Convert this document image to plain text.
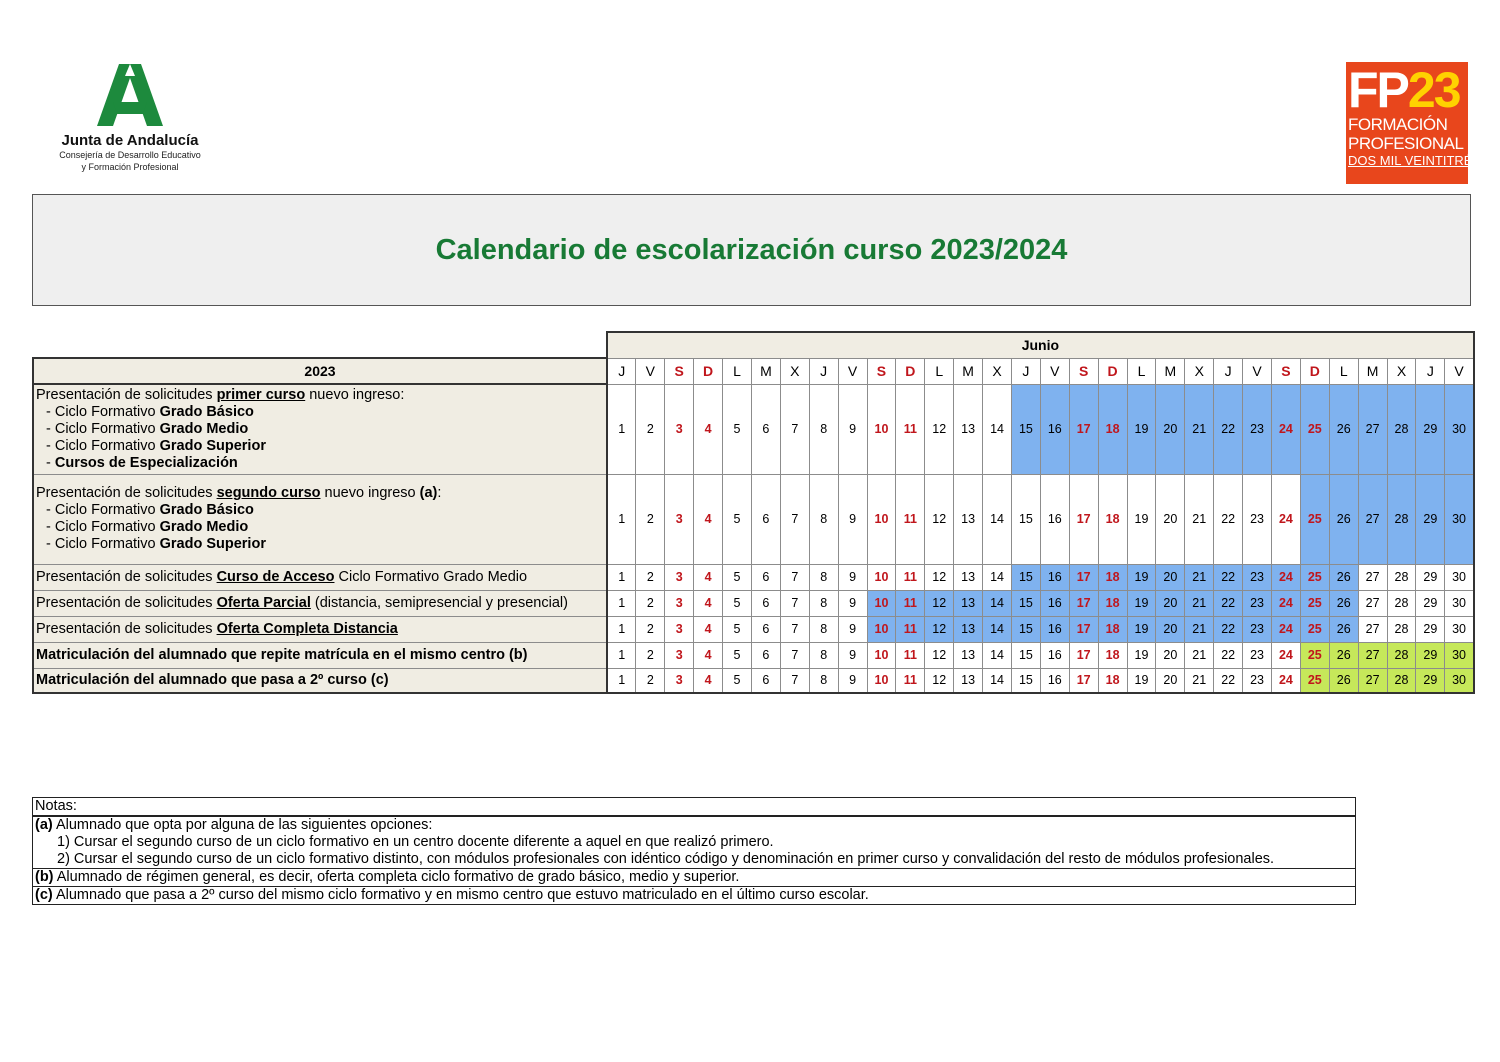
Junta de Andalucía
Consejería de Desarrollo Educativo
y Formación Profesional
FP23
FORMACIÓN
PROFESIONAL
DOS MIL VEINTITRÉS
Calendario de escolarización curso 2023/2024
	Junio																													
2023	J	V	S	D	L	M	X	J	V	S	D	L	M	X	J	V	S	D	L	M	X	J	V	S	D	L	M	X	J	V

Presentación de solicitudes primer curso nuevo ingreso:
- Ciclo Formativo Grado Básico
- Ciclo Formativo Grado Medio
- Ciclo Formativo Grado Superior
- Cursos de Especialización	1	2	3	4	5	6	7	8	9	10	11	12	13	14	15	16	17	18	19	20	21	22	23	24	25	26	27	28	29	30

Presentación de solicitudes segundo curso nuevo ingreso (a):
- Ciclo Formativo Grado Básico
- Ciclo Formativo Grado Medio
- Ciclo Formativo Grado Superior	1	2	3	4	5	6	7	8	9	10	11	12	13	14	15	16	17	18	19	20	21	22	23	24	25	26	27	28	29	30

Presentación de solicitudes Curso de Acceso Ciclo Formativo Grado Medio	1	2	3	4	5	6	7	8	9	10	11	12	13	14	15	16	17	18	19	20	21	22	23	24	25	26	27	28	29	30

Presentación de solicitudes Oferta Parcial (distancia, semipresencial y presencial)	1	2	3	4	5	6	7	8	9	10	11	12	13	14	15	16	17	18	19	20	21	22	23	24	25	26	27	28	29	30

Presentación de solicitudes Oferta Completa Distancia	1	2	3	4	5	6	7	8	9	10	11	12	13	14	15	16	17	18	19	20	21	22	23	24	25	26	27	28	29	30

Matriculación del alumnado que repite matrícula en el mismo centro (b)	1	2	3	4	5	6	7	8	9	10	11	12	13	14	15	16	17	18	19	20	21	22	23	24	25	26	27	28	29	30

Matriculación del alumnado que pasa a 2º curso (c)	1	2	3	4	5	6	7	8	9	10	11	12	13	14	15	16	17	18	19	20	21	22	23	24	25	26	27	28	29	30
Notas:

(a) Alumnado que opta por alguna de las siguientes opciones:
1) Cursar el segundo curso de un ciclo formativo en un centro docente diferente a aquel en que realizó primero.
2) Cursar el segundo curso de un ciclo formativo distinto, con módulos profesionales con idéntico código y denominación en primer curso y convalidación del resto de módulos profesionales.

(b) Alumnado de régimen general, es decir, oferta completa ciclo formativo de grado básico, medio y superior.
(c) Alumnado que pasa a 2º curso del mismo ciclo formativo y en mismo centro que estuvo matriculado en el último curso escolar.
